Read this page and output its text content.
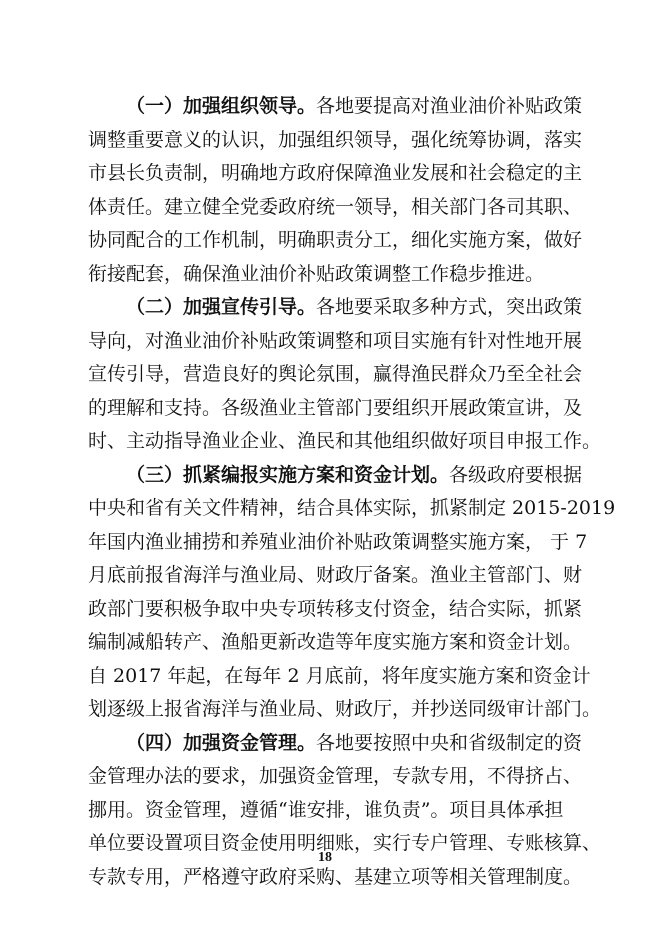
（一）加强组织领导。各地要提高对渔业油价补贴政策
调整重要意义的认识，加强组织领导，强化统筹协调，落实
市县长负责制，明确地方政府保障渔业发展和社会稳定的主
体责任。建立健全党委政府统一领导，相关部门各司其职、
协同配合的工作机制，明确职责分工，细化实施方案，做好
衔接配套，确保渔业油价补贴政策调整工作稳步推进。
（二）加强宣传引导。各地要采取多种方式，突出政策
导向，对渔业油价补贴政策调整和项目实施有针对性地开展
宣传引导，营造良好的舆论氛围，赢得渔民群众乃至全社会
的理解和支持。各级渔业主管部门要组织开展政策宣讲，及
时、主动指导渔业企业、渔民和其他组织做好项目申报工作。
（三）抓紧编报实施方案和资金计划。各级政府要根据
中央和省有关文件精神，结合具体实际，抓紧制定 2015-2019
年国内渔业捕捞和养殖业油价补贴政策调整实施方案， 于 7
月底前报省海洋与渔业局、财政厅备案。渔业主管部门、财
政部门要积极争取中央专项转移支付资金，结合实际，抓紧
编制减船转产、渔船更新改造等年度实施方案和资金计划。
自 2017 年起，在每年 2 月底前，将年度实施方案和资金计
划逐级上报省海洋与渔业局、财政厅，并抄送同级审计部门。
（四）加强资金管理。各地要按照中央和省级制定的资
金管理办法的要求，加强资金管理，专款专用，不得挤占、
挪用。资金管理，遵循“谁安排，谁负责”。项目具体承担
单位要设置项目资金使用明细账，实行专户管理、专账核算、
专款专用，严格遵守政府采购、基建立项等相关管理制度。
18
